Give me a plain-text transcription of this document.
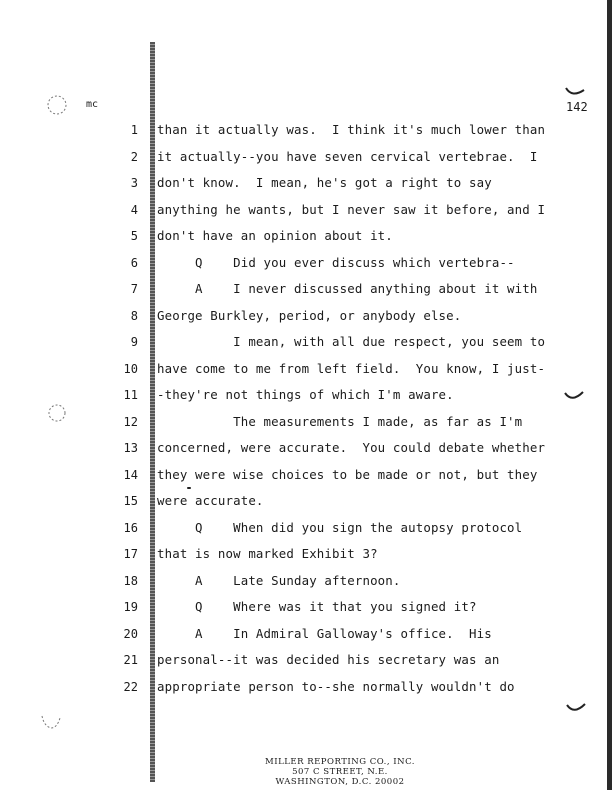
mc	142
1 than it actually was.  I think it's much lower than
2 it actually--you have seven cervical vertebrae.  I
3 don't know.  I mean, he's got a right to say
4 anything he wants, but I never saw it before, and I
5 don't have an opinion about it.
6 Q    Did you ever discuss which vertebra--
7 A    I never discussed anything about it with
8 George Burkley, period, or anybody else.
9 I mean, with all due respect, you seem to
10 have come to me from left field.  You know, I just-
11 -they're not things of which I'm aware.
12 The measurements I made, as far as I'm
13 concerned, were accurate.  You could debate whether
14 they were wise choices to be made or not, but they
15 were accurate.
16 Q    When did you sign the autopsy protocol
17 that is now marked Exhibit 3?
18 A    Late Sunday afternoon.
19 Q    Where was it that you signed it?
20 A    In Admiral Galloway's office.  His
21 personal--it was decided his secretary was an
22 appropriate person to--she normally wouldn't do
MILLER REPORTING CO., INC.
507 C STREET, N.E.
WASHINGTON, D.C. 20002
